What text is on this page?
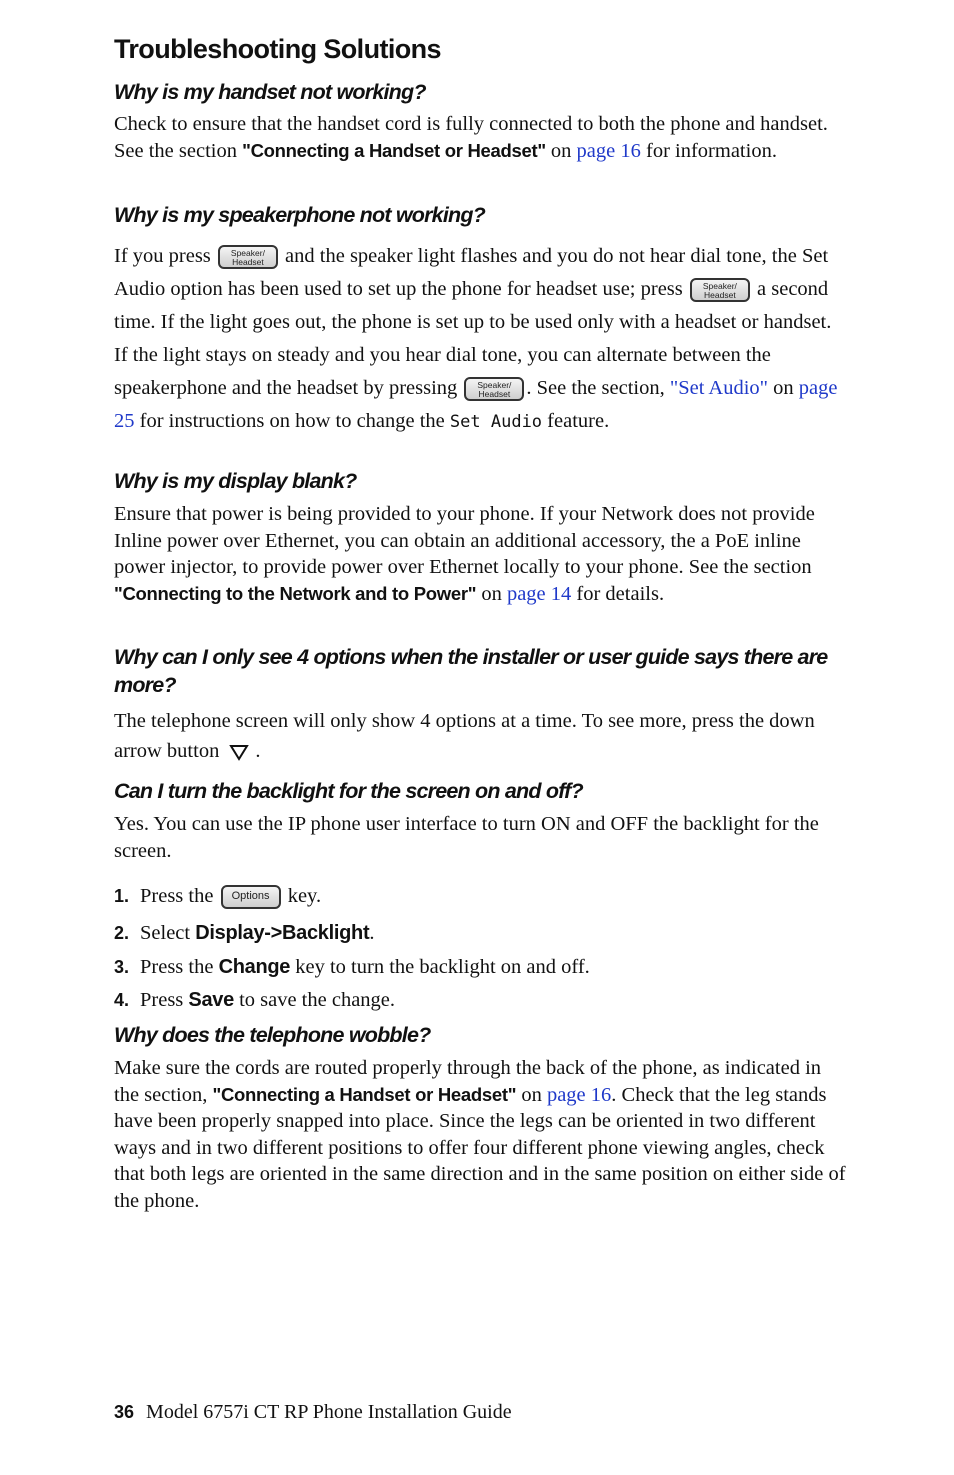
Troubleshooting Solutions
Why is my handset not working?

Check to ensure that the handset cord is fully connected to both the phone and handset. See the section "Connecting a Handset or Headset" on page 16 for information.

Why is my speakerphone not working?

If you press Speaker/
Headset and the speaker light flashes and you do not hear dial tone, the Set Audio option has been used to set up the phone for headset use; press Speaker/
Headset a second time. If the light goes out, the phone is set up to be used only with a headset or handset. If the light stays on steady and you hear dial tone, you can alternate between the speakerphone and the headset by pressing Speaker/
Headset . See the section, "Set Audio" on page 25 for instructions on how to change the Set Audio feature.

Why is my display blank?

Ensure that power is being provided to your phone. If your Network does not provide Inline power over Ethernet, you can obtain an additional accessory, the a PoE inline power injector, to provide power over Ethernet locally to your phone. See the section "Connecting to the Network and to Power" on page 14 for details.

Why can I only see 4 options when the installer or user guide says there are more?

The telephone screen will only show 4 options at a time. To see more, press the down arrow button .

Can I turn the backlight for the screen on and off?

Yes. You can use the IP phone user interface to turn ON and OFF the backlight for the screen.

1. Press the Options key.
2. Select Display->Backlight.
3. Press the Change key to turn the backlight on and off.
4. Press Save to save the change.
Why does the telephone wobble?

Make sure the cords are routed properly through the back of the phone, as indicated in the section, "Connecting a Handset or Headset" on page 16. Check that the leg stands have been properly snapped into place. Since the legs can be oriented in two different ways and in two different positions to offer four different phone viewing angles, check that both legs are oriented in the same direction and in the same position on either side of the phone.

36 Model 6757i CT RP Phone Installation Guide
